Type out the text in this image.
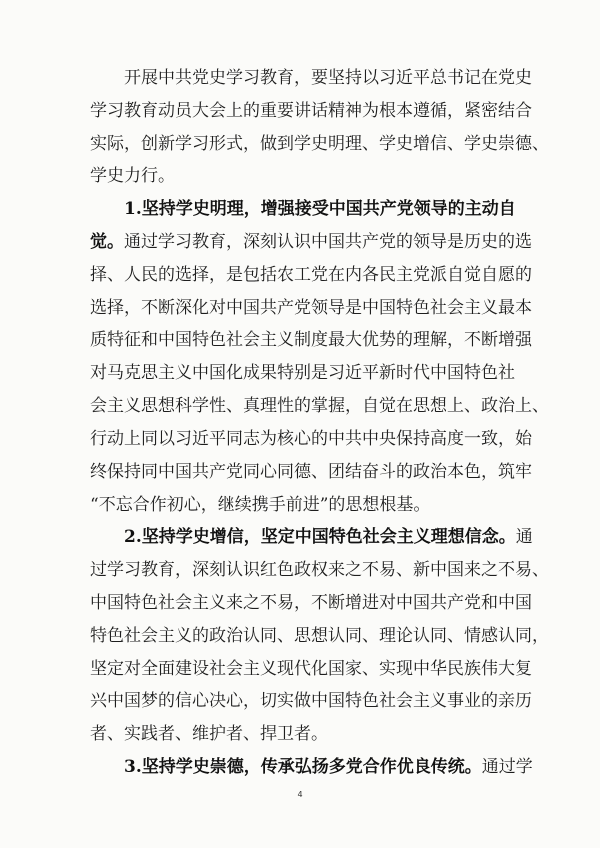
开展中共党史学习教育，要坚持以习近平总书记在党史
学习教育动员大会上的重要讲话精神为根本遵循，紧密结合
实际，创新学习形式，做到学史明理、学史增信、学史崇德、
学史力行。
1.坚持学史明理，增强接受中国共产党领导的主动自
觉。通过学习教育，深刻认识中国共产党的领导是历史的选
择、人民的选择，是包括农工党在内各民主党派自觉自愿的
选择，不断深化对中国共产党领导是中国特色社会主义最本
质特征和中国特色社会主义制度最大优势的理解，不断增强
对马克思主义中国化成果特别是习近平新时代中国特色社
会主义思想科学性、真理性的掌握，自觉在思想上、政治上、
行动上同以习近平同志为核心的中共中央保持高度一致，始
终保持同中国共产党同心同德、团结奋斗的政治本色，筑牢
“不忘合作初心，继续携手前进”的思想根基。
2.坚持学史增信，坚定中国特色社会主义理想信念。通
过学习教育，深刻认识红色政权来之不易、新中国来之不易、
中国特色社会主义来之不易，不断增进对中国共产党和中国
特色社会主义的政治认同、思想认同、理论认同、情感认同，
坚定对全面建设社会主义现代化国家、实现中华民族伟大复
兴中国梦的信心决心，切实做中国特色社会主义事业的亲历
者、实践者、维护者、捍卫者。
3.坚持学史崇德，传承弘扬多党合作优良传统。通过学
4
